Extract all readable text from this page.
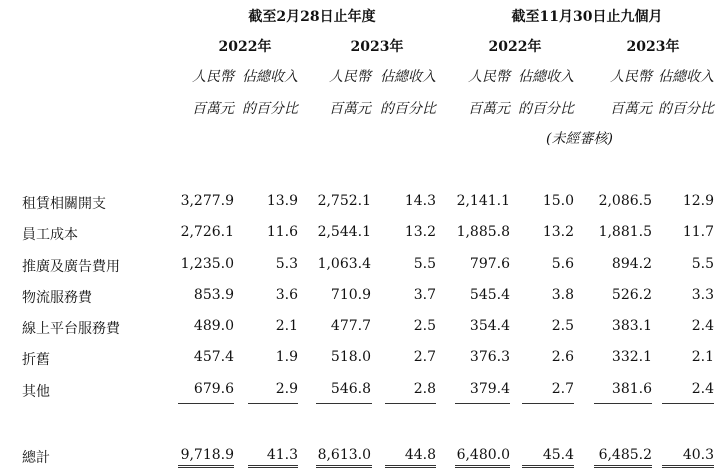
截至2月28日止年度	截至11月30日止九個月
2022年	2023年	2022年	2023年
人民幣 佔總收入 人民幣 佔總收入 人民幣 佔總收入	人民幣 佔總收入
百萬元 的百分比 百萬元 的百分比 百萬元 的百分比	百萬元 的百分比
(未經審核)
租賃相關開支	3,277.9 13.9 2,752.1 14.3 2,141.1 15.0 2,086.5 12.9
員工成本	2,726.1 11.6 2,544.1 13.2 1,885.8 13.2 1,881.5 11.7
推廣及廣告費用	1,235.0	5.3 1,063.4	5.5 797.6	5.6	894.2	5.5
物流服務費	853.9	3.6 710.9	3.7 545.4	3.8	526.2	3.3
線上平台服務費	489.0	2.1 477.7	2.5 354.4	2.5	383.1	2.4
折舊	457.4	1.9 518.0	2.7 376.3	2.6	332.1	2.1
其他	679.6	2.9 546.8	2.8 379.4	2.7	381.6	2.4
總計	9,718.9 41.3 8,613.0 44.8 6,480.0 45.4 6,485.2 40.3
